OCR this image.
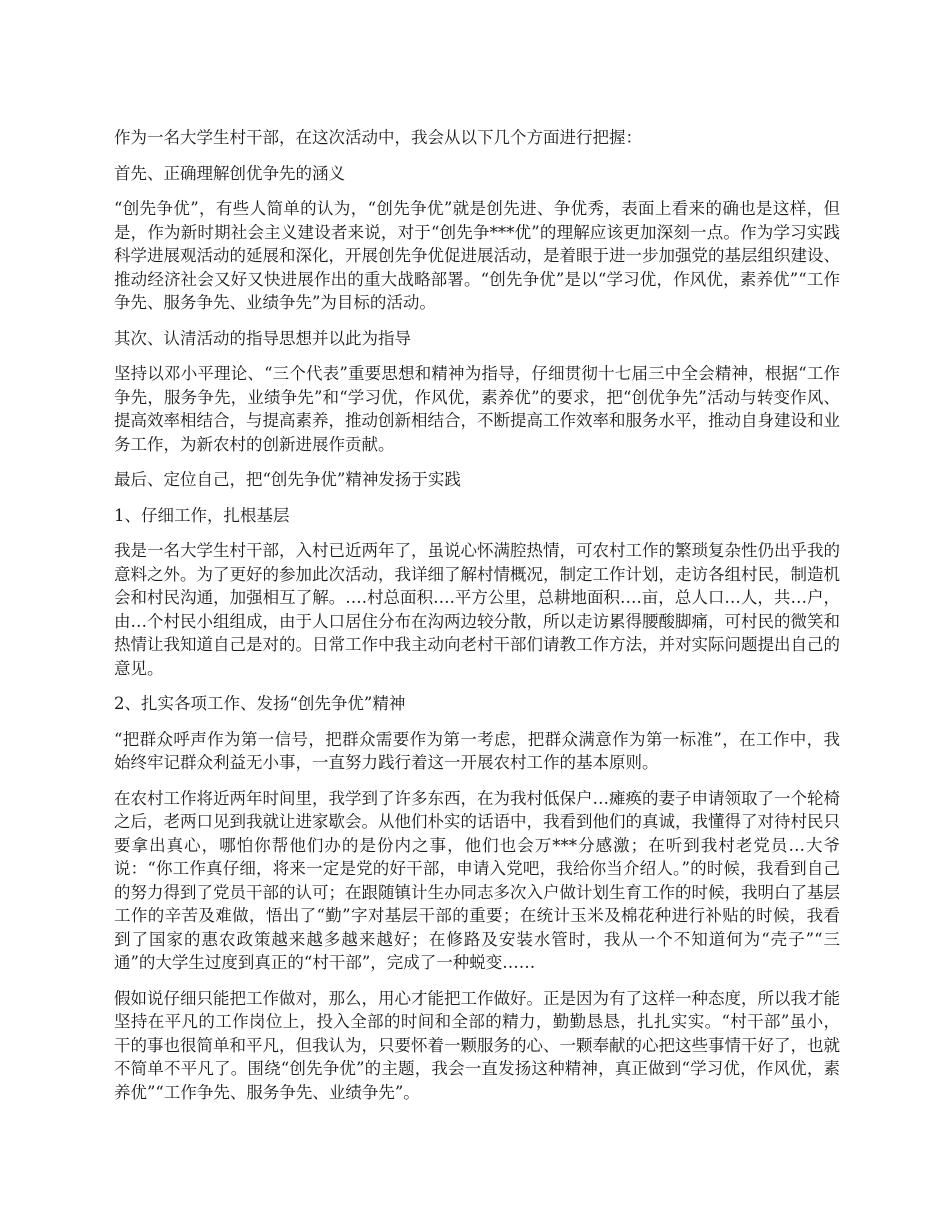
作为一名大学生村干部，在这次活动中，我会从以下几个方面进行把握：

首先、正确理解创优争先的涵义

“创先争优”，有些人简单的认为，“创先争优”就是创先进、争优秀，表面上看来的确也是这样，但是，作为新时期社会主义建设者来说，对于“创先争***优”的理解应该更加深刻一点。作为学习实践科学进展观活动的延展和深化，开展创先争优促进展活动，是着眼于进一步加强党的基层组织建设、推动经济社会又好又快进展作出的重大战略部署。“创先争优”是以“学习优，作风优，素养优”“工作争先、服务争先、业绩争先”为目标的活动。

其次、认清活动的指导思想并以此为指导

坚持以邓小平理论、“三个代表”重要思想和精神为指导，仔细贯彻十七届三中全会精神，根据“工作争先，服务争先，业绩争先”和“学习优，作风优，素养优”的要求，把“创优争先”活动与转变作风、提高效率相结合，与提高素养，推动创新相结合，不断提高工作效率和服务水平，推动自身建设和业务工作，为新农村的创新进展作贡献。

最后、定位自己，把“创先争优”精神发扬于实践

1、仔细工作，扎根基层

我是一名大学生村干部，入村已近两年了，虽说心怀满腔热情，可农村工作的繁琐复杂性仍出乎我的意料之外。为了更好的参加此次活动，我详细了解村情概况，制定工作计划，走访各组村民，制造机会和村民沟通，加强相互了解。….村总面积….平方公里，总耕地面积….亩，总人口…人，共…户，由…个村民小组组成，由于人口居住分布在沟两边较分散，所以走访累得腰酸脚痛，可村民的微笑和热情让我知道自己是对的。日常工作中我主动向老村干部们请教工作方法，并对实际问题提出自己的意见。

2、扎实各项工作、发扬“创先争优”精神

“把群众呼声作为第一信号，把群众需要作为第一考虑，把群众满意作为第一标准”，在工作中，我始终牢记群众利益无小事，一直努力践行着这一开展农村工作的基本原则。

在农村工作将近两年时间里，我学到了许多东西，在为我村低保户…瘫痪的妻子申请领取了一个轮椅之后，老两口见到我就让进家歇会。从他们朴实的话语中，我看到他们的真诚，我懂得了对待村民只要拿出真心，哪怕你帮他们办的是份内之事，他们也会万***分感激；在听到我村老党员…大爷说：“你工作真仔细，将来一定是党的好干部，申请入党吧，我给你当介绍人。”的时候，我看到自己的努力得到了党员干部的认可；在跟随镇计生办同志多次入户做计划生育工作的时候，我明白了基层工作的辛苦及难做，悟出了“勤”字对基层干部的重要；在统计玉米及棉花种进行补贴的时候，我看到了国家的惠农政策越来越多越来越好；在修路及安装水管时，我从一个不知道何为“壳子”“三通”的大学生过度到真正的“村干部”，完成了一种蜕变……

假如说仔细只能把工作做对，那么，用心才能把工作做好。正是因为有了这样一种态度，所以我才能坚持在平凡的工作岗位上，投入全部的时间和全部的精力，勤勤恳恳，扎扎实实。“村干部”虽小，干的事也很简单和平凡，但我认为，只要怀着一颗服务的心、一颗奉献的心把这些事情干好了，也就不简单不平凡了。围绕“创先争优”的主题，我会一直发扬这种精神，真正做到“学习优，作风优，素养优”“工作争先、服务争先、业绩争先”。
